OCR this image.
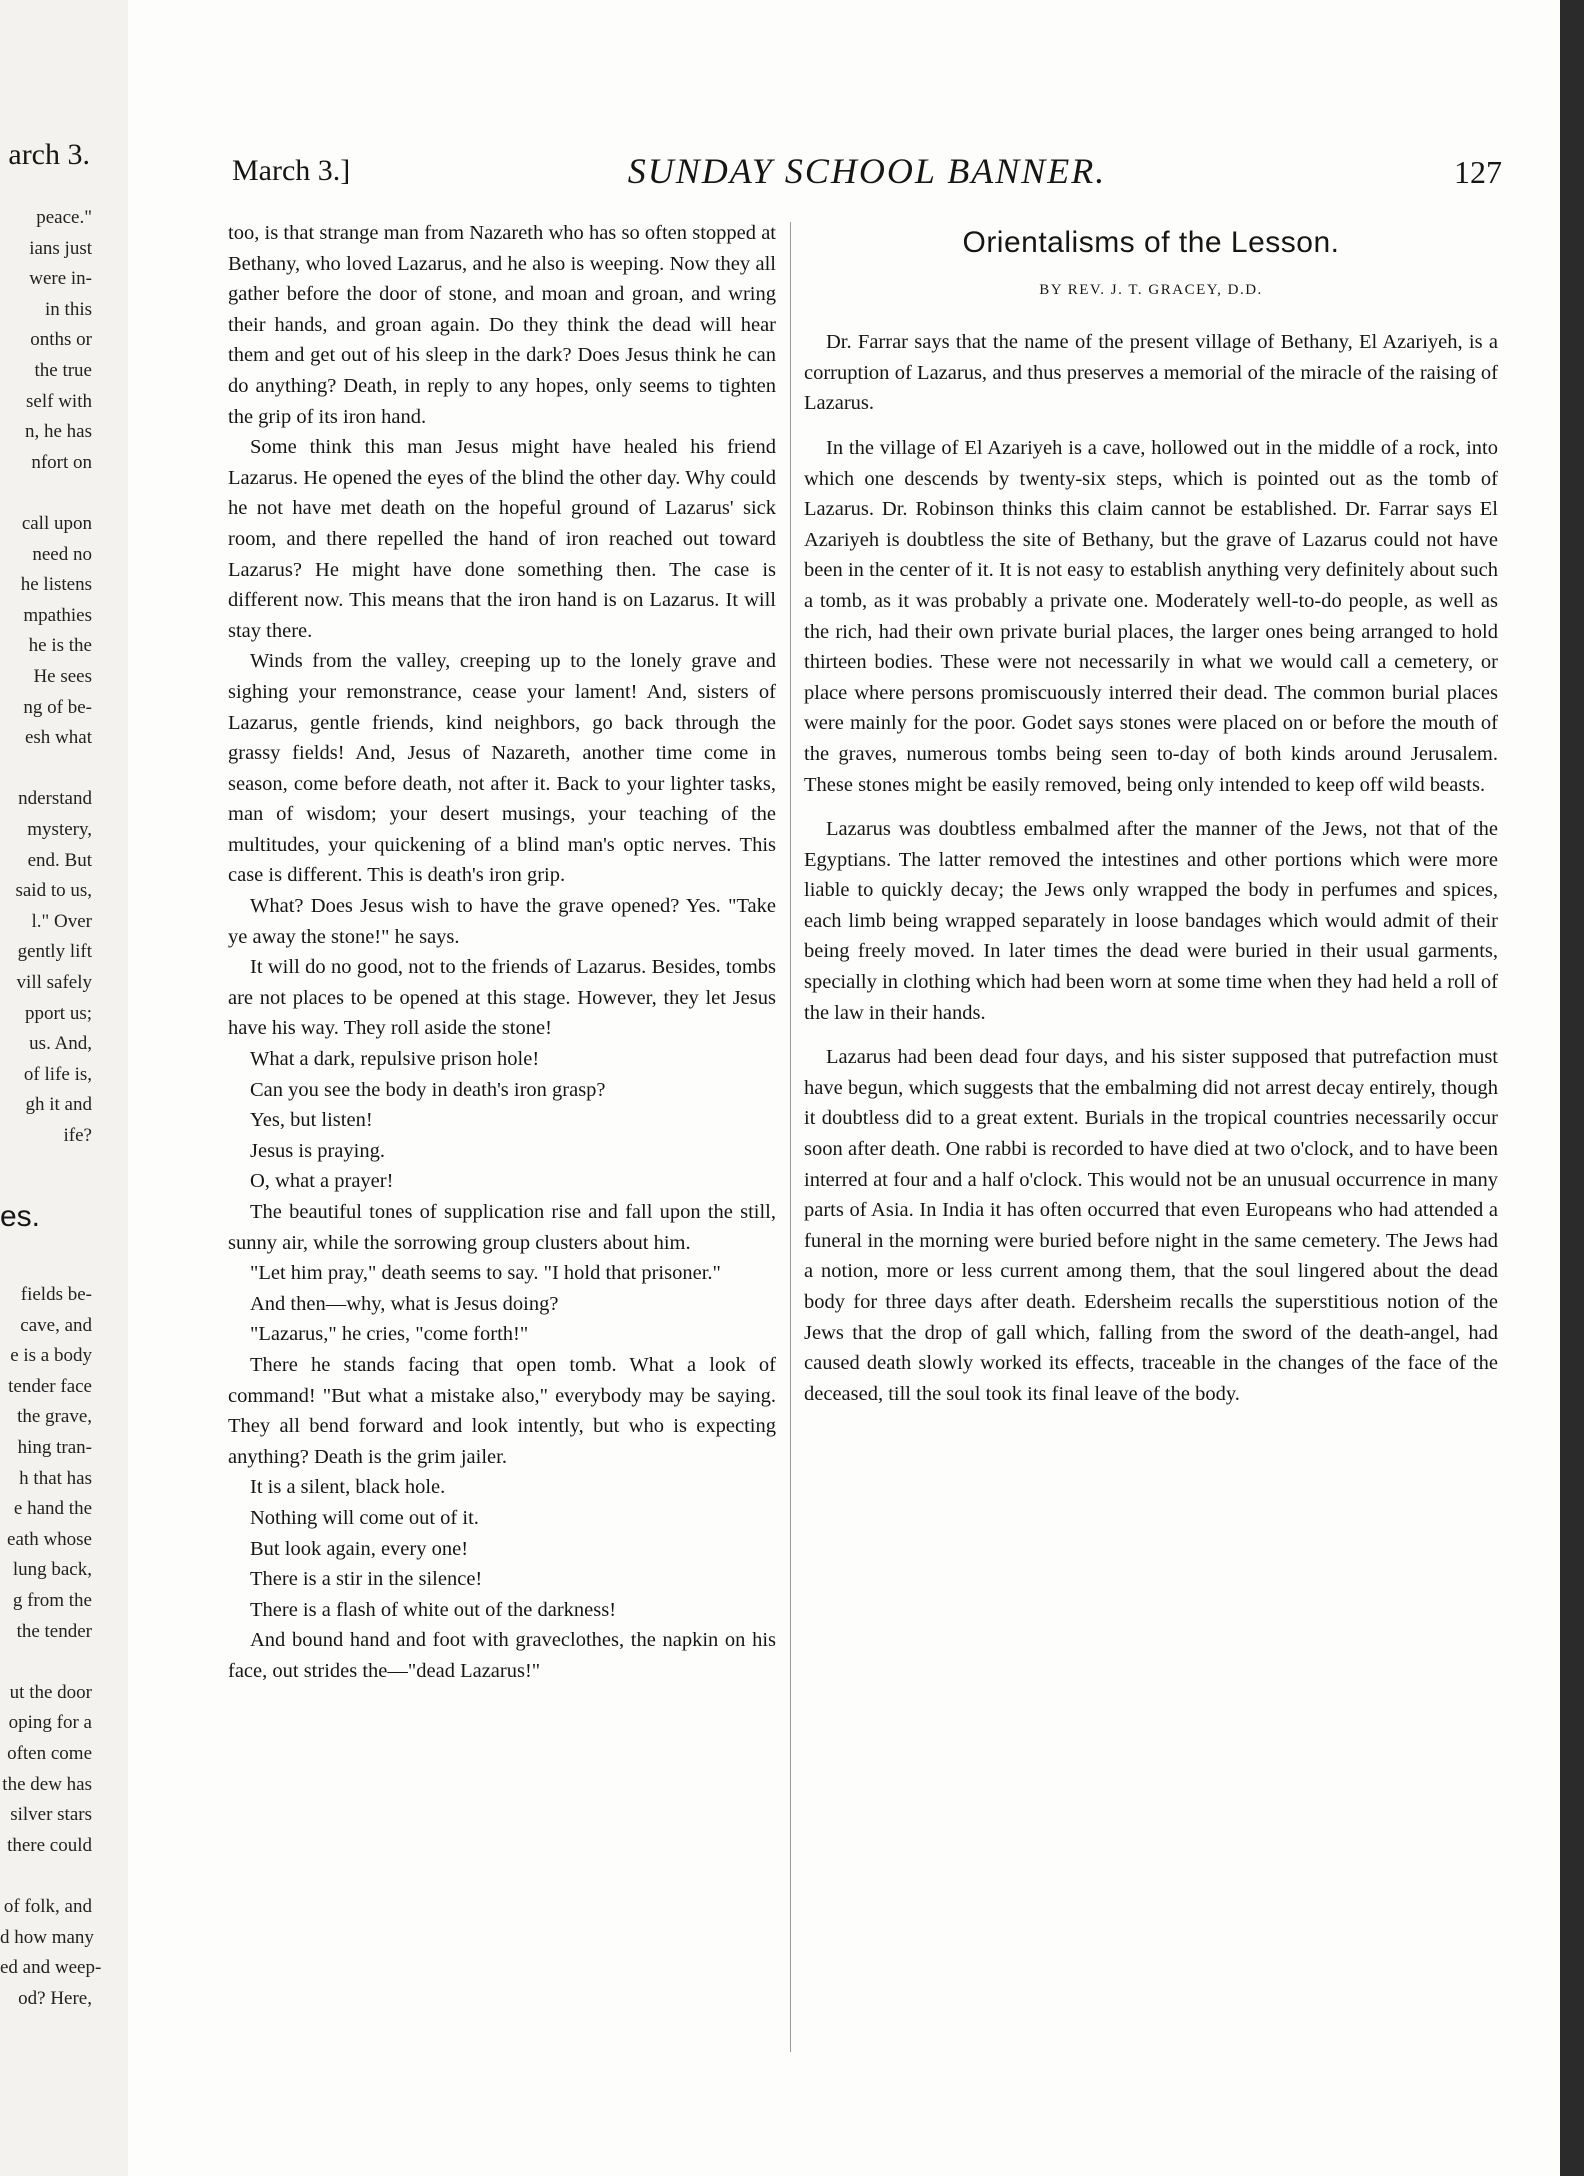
arch 3.
peace."
ians just
were in-
in this
onths or
the true
self with
n, he has
nfort on
call upon
need no
he listens
mpathies
he is the
He sees
ng of be-
esh what
nderstand
mystery,
end. But
said to us,
l." Over
gently lift
vill safely
pport us;
us. And,
of life is,
gh it and
ife?
es.
fields be-
cave, and
e is a body
tender face
the grave,
hing tran-
h that has
e hand the
eath whose
lung back,
g from the
the tender
ut the door
oping for a
often come
the dew has
silver stars
there could
of folk, and
d how many
ed and weep-
od? Here,
March 3.]	SUNDAY SCHOOL BANNER.	127

too, is that strange man from Nazareth who has so often stopped at Bethany, who loved Lazarus, and he also is weeping. Now they all gather before the door of stone, and moan and groan, and wring their hands, and groan again. Do they think the dead will hear them and get out of his sleep in the dark? Does Jesus think he can do anything? Death, in reply to any hopes, only seems to tighten the grip of its iron hand.

Some think this man Jesus might have healed his friend Lazarus. He opened the eyes of the blind the other day. Why could he not have met death on the hopeful ground of Lazarus' sick room, and there repelled the hand of iron reached out toward Lazarus? He might have done something then. The case is different now. This means that the iron hand is on Lazarus. It will stay there.

Winds from the valley, creeping up to the lonely grave and sighing your remonstrance, cease your lament! And, sisters of Lazarus, gentle friends, kind neighbors, go back through the grassy fields! And, Jesus of Nazareth, another time come in season, come before death, not after it. Back to your lighter tasks, man of wisdom; your desert musings, your teaching of the multitudes, your quickening of a blind man's optic nerves. This case is different. This is death's iron grip.

What? Does Jesus wish to have the grave opened? Yes. "Take ye away the stone!" he says.

It will do no good, not to the friends of Lazarus. Besides, tombs are not places to be opened at this stage. However, they let Jesus have his way. They roll aside the stone!

What a dark, repulsive prison hole!

Can you see the body in death's iron grasp?

Yes, but listen!

Jesus is praying.

O, what a prayer!

The beautiful tones of supplication rise and fall upon the still, sunny air, while the sorrowing group clusters about him.

"Let him pray," death seems to say. "I hold that prisoner."

And then—why, what is Jesus doing?

"Lazarus," he cries, "come forth!"

There he stands facing that open tomb. What a look of command! "But what a mistake also," everybody may be saying. They all bend forward and look intently, but who is expecting anything? Death is the grim jailer.

It is a silent, black hole.

Nothing will come out of it.

But look again, every one!

There is a stir in the silence!

There is a flash of white out of the darkness!

And bound hand and foot with graveclothes, the napkin on his face, out strides the—"dead Lazarus!"

Orientalisms of the Lesson.
BY REV. J. T. GRACEY, D.D.

Dr. Farrar says that the name of the present village of Bethany, El Azariyeh, is a corruption of Lazarus, and thus preserves a memorial of the miracle of the raising of Lazarus.

In the village of El Azariyeh is a cave, hollowed out in the middle of a rock, into which one descends by twenty-six steps, which is pointed out as the tomb of Lazarus. Dr. Robinson thinks this claim cannot be established. Dr. Farrar says El Azariyeh is doubtless the site of Bethany, but the grave of Lazarus could not have been in the center of it. It is not easy to establish anything very definitely about such a tomb, as it was probably a private one. Moderately well-to-do people, as well as the rich, had their own private burial places, the larger ones being arranged to hold thirteen bodies. These were not necessarily in what we would call a cemetery, or place where persons promiscuously interred their dead. The common burial places were mainly for the poor. Godet says stones were placed on or before the mouth of the graves, numerous tombs being seen to-day of both kinds around Jerusalem. These stones might be easily removed, being only intended to keep off wild beasts.

Lazarus was doubtless embalmed after the manner of the Jews, not that of the Egyptians. The latter removed the intestines and other portions which were more liable to quickly decay; the Jews only wrapped the body in perfumes and spices, each limb being wrapped separately in loose bandages which would admit of their being freely moved. In later times the dead were buried in their usual garments, specially in clothing which had been worn at some time when they had held a roll of the law in their hands.

Lazarus had been dead four days, and his sister supposed that putrefaction must have begun, which suggests that the embalming did not arrest decay entirely, though it doubtless did to a great extent. Burials in the tropical countries necessarily occur soon after death. One rabbi is recorded to have died at two o'clock, and to have been interred at four and a half o'clock. This would not be an unusual occurrence in many parts of Asia. In India it has often occurred that even Europeans who had attended a funeral in the morning were buried before night in the same cemetery. The Jews had a notion, more or less current among them, that the soul lingered about the dead body for three days after death. Edersheim recalls the superstitious notion of the Jews that the drop of gall which, falling from the sword of the death-angel, had caused death slowly worked its effects, traceable in the changes of the face of the deceased, till the soul took its final leave of the body.
